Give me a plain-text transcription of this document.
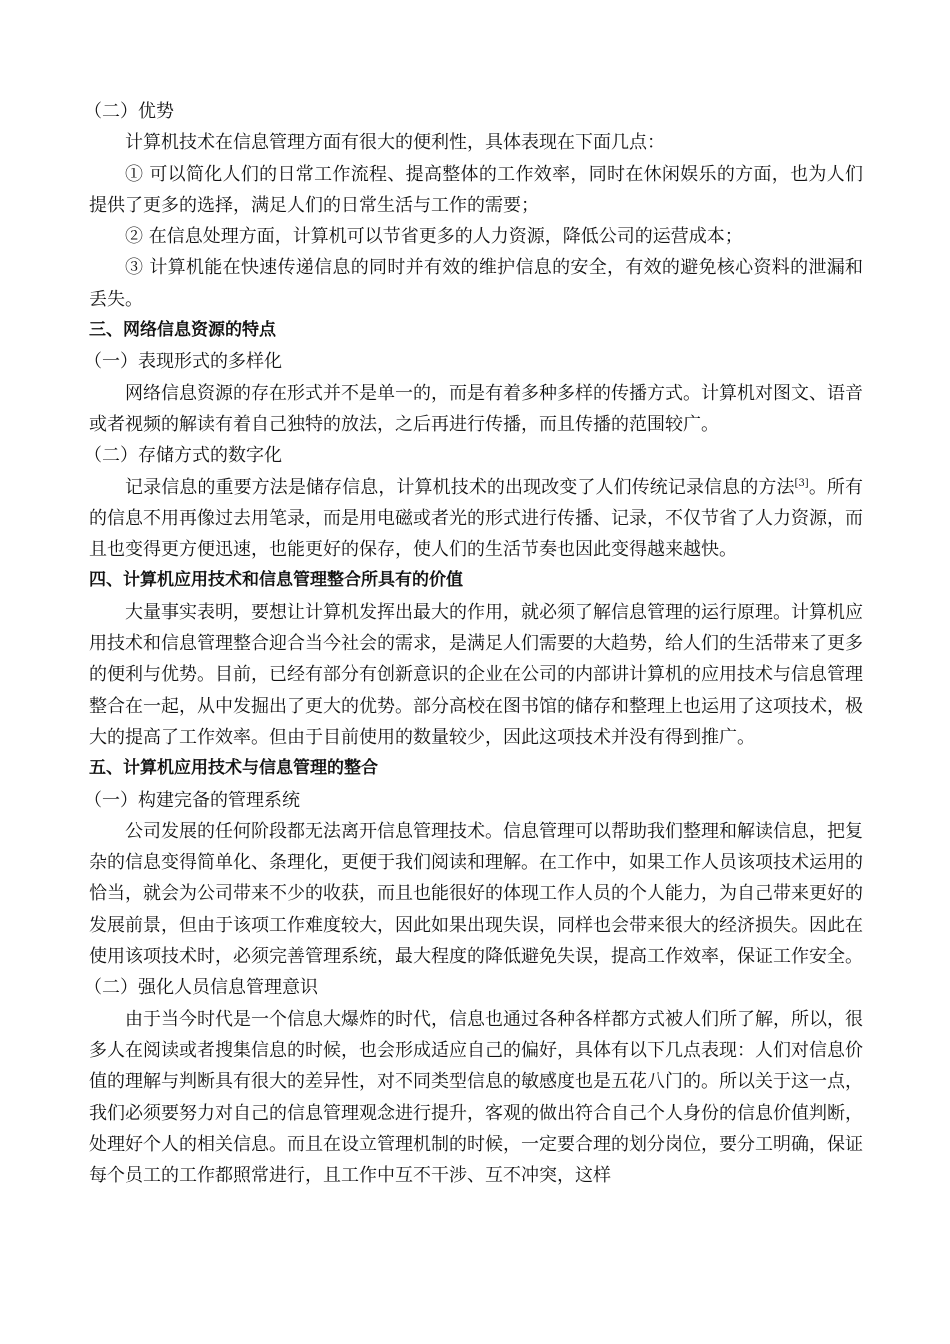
（二）优势

计算机技术在信息管理方面有很大的便利性，具体表现在下面几点：

① 可以简化人们的日常工作流程、提高整体的工作效率，同时在休闲娱乐的方面，也为人们提供了更多的选择，满足人们的日常生活与工作的需要；

② 在信息处理方面，计算机可以节省更多的人力资源，降低公司的运营成本；

③ 计算机能在快速传递信息的同时并有效的维护信息的安全，有效的避免核心资料的泄漏和丢失。

三、网络信息资源的特点

（一）表现形式的多样化

网络信息资源的存在形式并不是单一的，而是有着多种多样的传播方式。计算机对图文、语音或者视频的解读有着自己独特的放法，之后再进行传播，而且传播的范围较广。

（二）存储方式的数字化

记录信息的重要方法是储存信息，计算机技术的出现改变了人们传统记录信息的方法[3]。所有的信息不用再像过去用笔录，而是用电磁或者光的形式进行传播、记录，不仅节省了人力资源，而且也变得更方便迅速，也能更好的保存，使人们的生活节奏也因此变得越来越快。

四、计算机应用技术和信息管理整合所具有的价值

大量事实表明，要想让计算机发挥出最大的作用，就必须了解信息管理的运行原理。计算机应用技术和信息管理整合迎合当今社会的需求，是满足人们需要的大趋势，给人们的生活带来了更多的便利与优势。目前，已经有部分有创新意识的企业在公司的内部讲计算机的应用技术与信息管理整合在一起，从中发掘出了更大的优势。部分高校在图书馆的储存和整理上也运用了这项技术，极大的提高了工作效率。但由于目前使用的数量较少，因此这项技术并没有得到推广。

五、计算机应用技术与信息管理的整合

（一）构建完备的管理系统

公司发展的任何阶段都无法离开信息管理技术。信息管理可以帮助我们整理和解读信息，把复杂的信息变得简单化、条理化，更便于我们阅读和理解。在工作中，如果工作人员该项技术运用的恰当，就会为公司带来不少的收获，而且也能很好的体现工作人员的个人能力，为自己带来更好的发展前景，但由于该项工作难度较大，因此如果出现失误，同样也会带来很大的经济损失。因此在使用该项技术时，必须完善管理系统，最大程度的降低避免失误，提高工作效率，保证工作安全。

（二）强化人员信息管理意识

由于当今时代是一个信息大爆炸的时代，信息也通过各种各样都方式被人们所了解，所以，很多人在阅读或者搜集信息的时候，也会形成适应自己的偏好，具体有以下几点表现：人们对信息价值的理解与判断具有很大的差异性，对不同类型信息的敏感度也是五花八门的。所以关于这一点，我们必须要努力对自己的信息管理观念进行提升，客观的做出符合自己个人身份的信息价值判断，处理好个人的相关信息。而且在设立管理机制的时候，一定要合理的划分岗位，要分工明确，保证每个员工的工作都照常进行，且工作中互不干涉、互不冲突，这样
